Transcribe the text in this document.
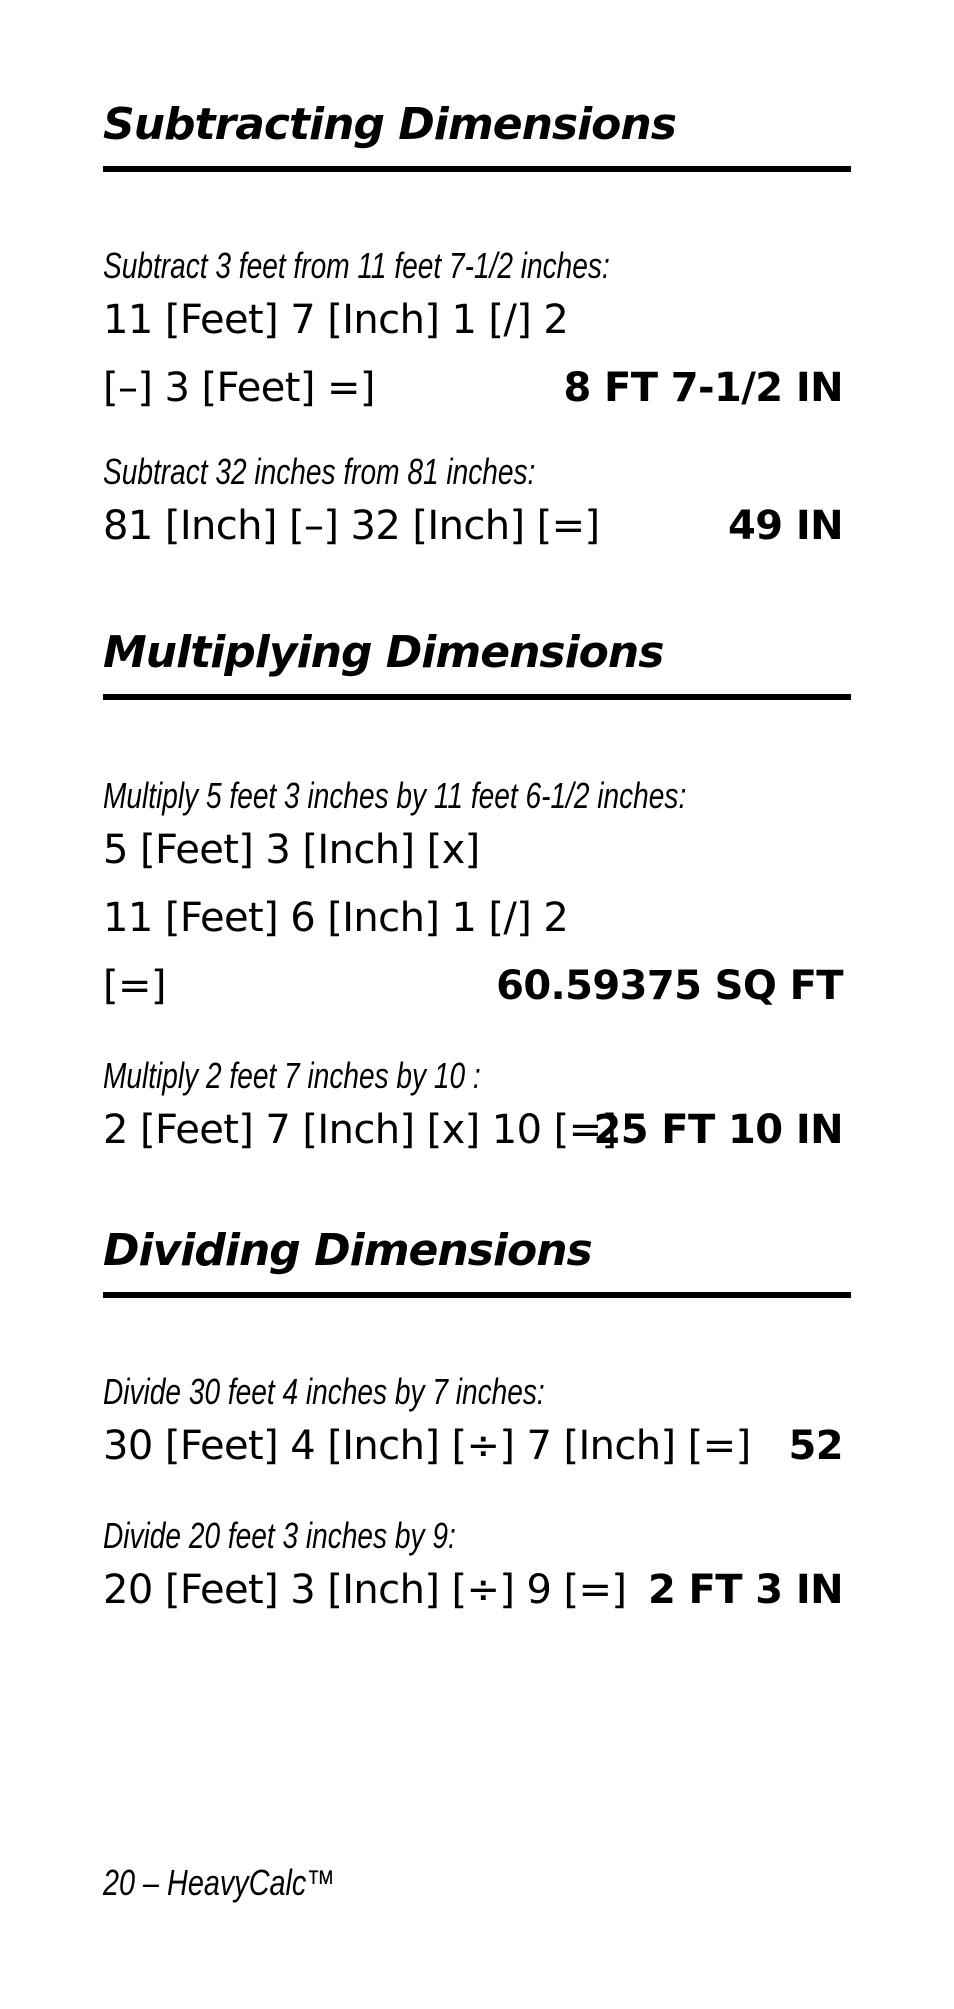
Subtracting Dimensions
Subtract 3 feet from 11 feet 7-1/2 inches:
11 [Feet] 7 [Inch] 1 [/] 2
[–] 3 [Feet] =]	8 FT 7-1/2 IN
Subtract 32 inches from 81 inches:
81 [Inch] [–] 32 [Inch] [=]	49 IN
Multiplying Dimensions
Multiply 5 feet 3 inches by 11 feet 6-1/2 inches:
5 [Feet] 3 [Inch] [x]
11 [Feet] 6 [Inch] 1 [/] 2
[=]	60.59375 SQ FT
Multiply 2 feet 7 inches by 10 :
2 [Feet] 7 [Inch] [x] 10 [=]
25 FT 10 IN
Dividing Dimensions
Divide 30 feet 4 inches by 7 inches:
30 [Feet] 4 [Inch] [÷] 7 [Inch] [=] 52
Divide 20 feet 3 inches by 9:
20 [Feet] 3 [Inch] [÷] 9 [=] 2 FT 3 IN
20 – HeavyCalc™
